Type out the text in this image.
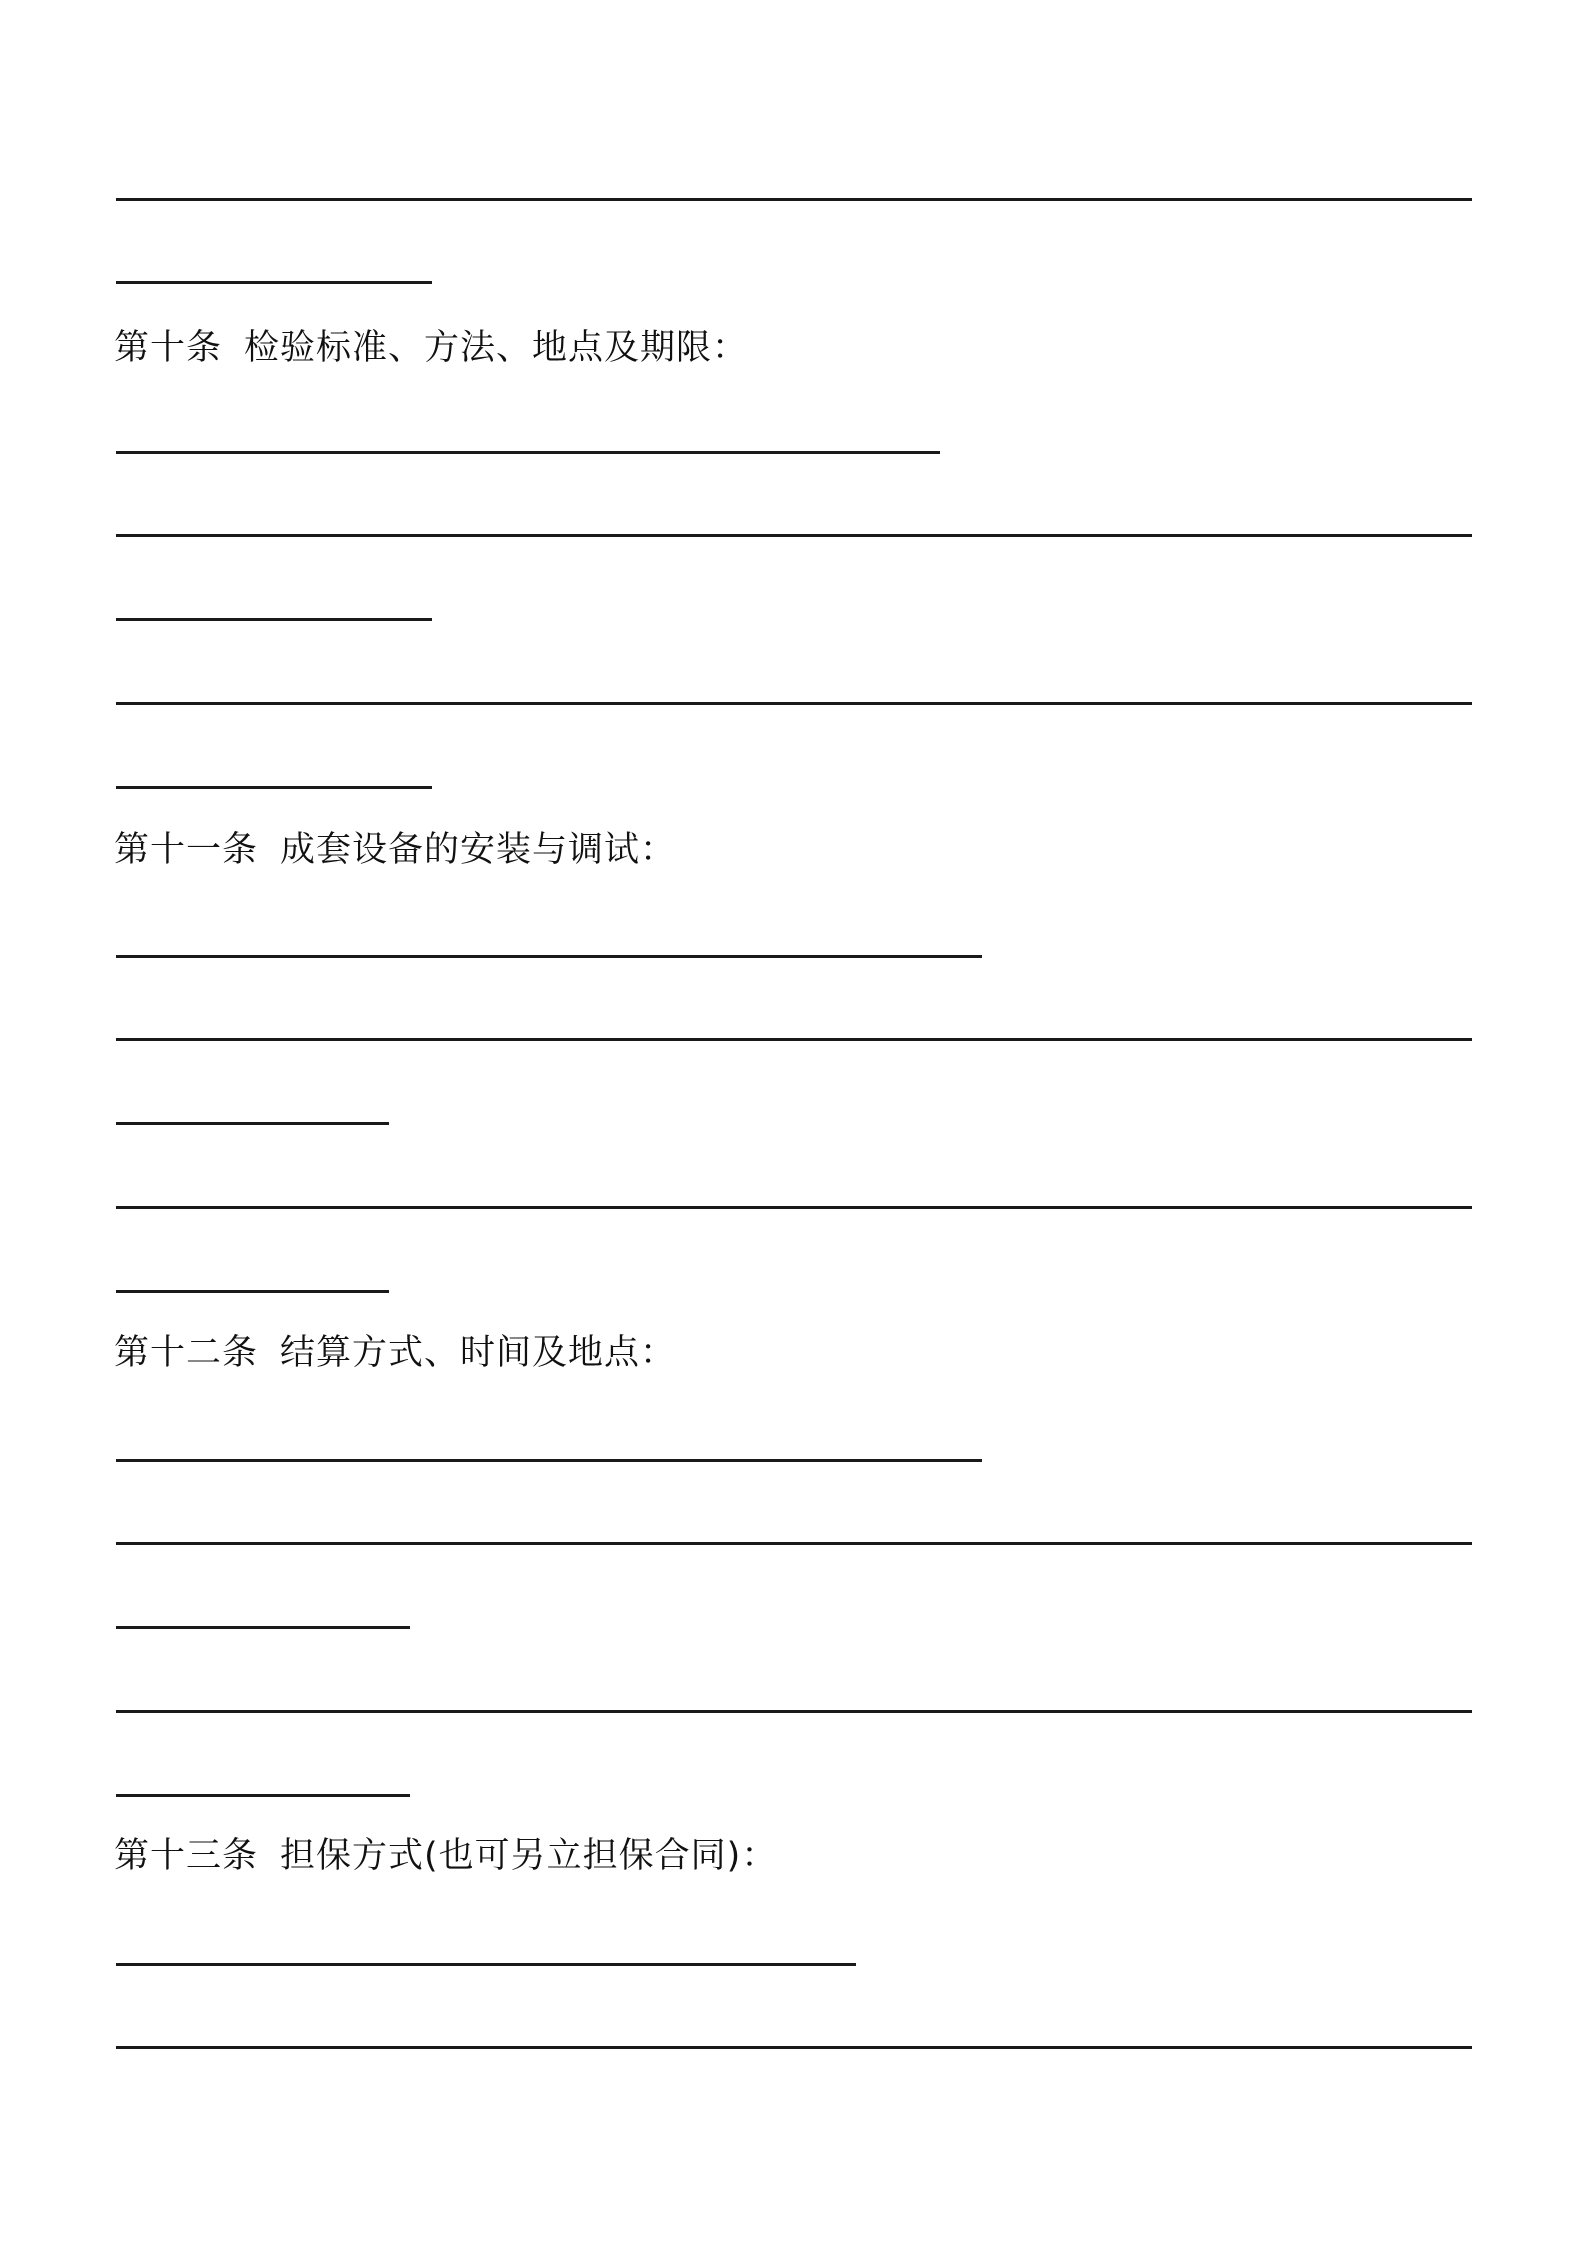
第十条 检验标准、方法、地点及期限：
第十一条 成套设备的安装与调试：
第十二条 结算方式、时间及地点：
第十三条 担保方式(也可另立担保合同)：
